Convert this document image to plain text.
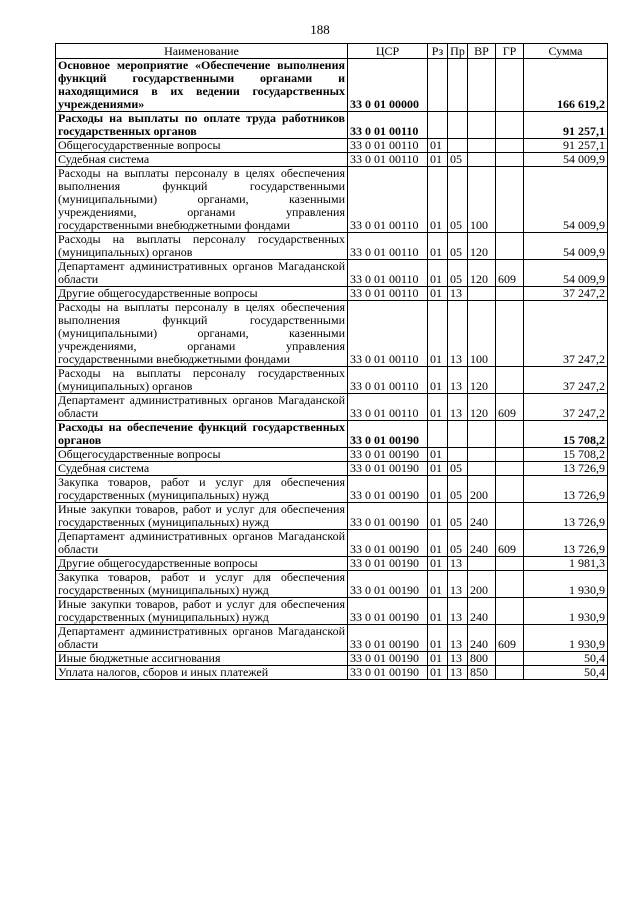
188
Наименование	ЦСР	Рз	Пр	ВР	ГР	Сумма
Основное мероприятие «Обеспечение выполнения функций государственными органами и находящимися в их ведении государственных учреждениями»	33 0 01 00000					166 619,2
Расходы на выплаты по оплате труда работников государственных органов	33 0 01 00110					91 257,1
Общегосударственные вопросы	33 0 01 00110	01				91 257,1
Судебная система	33 0 01 00110	01	05			54 009,9
Расходы на выплаты персоналу в целях обеспечения выполнения функций государственными (муниципальными) органами, казенными учреждениями, органами управления государственными внебюджетными фондами	33 0 01 00110	01	05	100		54 009,9
Расходы на выплаты персоналу государственных (муниципальных) органов	33 0 01 00110	01	05	120		54 009,9
Департамент административных органов Магаданской области	33 0 01 00110	01	05	120	609	54 009,9
Другие общегосударственные вопросы	33 0 01 00110	01	13			37 247,2
Расходы на выплаты персоналу в целях обеспечения выполнения функций государственными (муниципальными) органами, казенными учреждениями, органами управления государственными внебюджетными фондами	33 0 01 00110	01	13	100		37 247,2
Расходы на выплаты персоналу государственных (муниципальных) органов	33 0 01 00110	01	13	120		37 247,2
Департамент административных органов Магаданской области	33 0 01 00110	01	13	120	609	37 247,2
Расходы на обеспечение функций государственных органов	33 0 01 00190					15 708,2
Общегосударственные вопросы	33 0 01 00190	01				15 708,2
Судебная система	33 0 01 00190	01	05			13 726,9
Закупка товаров, работ и услуг для обеспечения государственных (муниципальных) нужд	33 0 01 00190	01	05	200		13 726,9
Иные закупки товаров, работ и услуг для обеспечения государственных (муниципальных) нужд	33 0 01 00190	01	05	240		13 726,9
Департамент административных органов Магаданской области	33 0 01 00190	01	05	240	609	13 726,9
Другие общегосударственные вопросы	33 0 01 00190	01	13			1 981,3
Закупка товаров, работ и услуг для обеспечения государственных (муниципальных) нужд	33 0 01 00190	01	13	200		1 930,9
Иные закупки товаров, работ и услуг для обеспечения государственных (муниципальных) нужд	33 0 01 00190	01	13	240		1 930,9
Департамент административных органов Магаданской области	33 0 01 00190	01	13	240	609	1 930,9
Иные бюджетные ассигнования	33 0 01 00190	01	13	800		50,4
Уплата налогов, сборов и иных платежей	33 0 01 00190	01	13	850		50,4
